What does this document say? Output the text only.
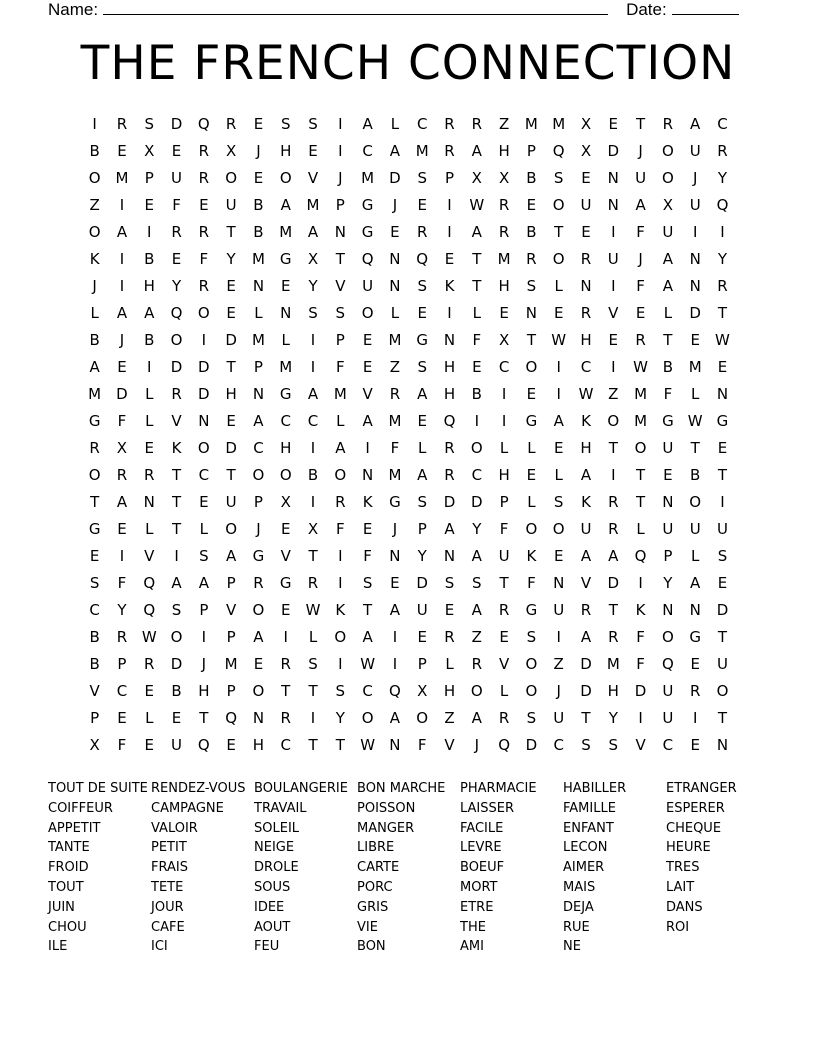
Name:	Date:
THE FRENCH CONNECTION
I	R	S	D	Q	R	E	S	S	I	A	L	C	R	R	Z	M M	X	E	T	R	A	C
B	E	X	E	R	X	J	H	E	I	C	A	M	R	A	H	P	Q	X	D	J	O	U	R
O M	P	U	R	O	E	O	V	J	M	D	S	P	X	X	B	S	E	N	U	O	J	Y
Z	I	E	F	E	U	B	A	M	P	G	J	E	I	W R	E	O	U	N	A	X	U	Q
O	A	I	R	R	T	B	M	A	N	G	E	R	I	A	R	B	T	E	I	F	U	I	I
K	I	B	E	F	Y	M	G	X	T	Q	N	Q	E	T	M	R	O	R	U	J	A	N	Y
J	I	H	Y	R	E	N	E	Y	V	U	N	S	K	T	H	S	L	N	I	F	A	N	R
L	A	A	Q	O	E	L	N	S	S	O	L	E	I	L	E	N	E	R	V	E	L	D	T
B	J	B	O	I	D	M	L	I	P	E	M	G	N	F	X	T	W H	E	R	T	E	W
A	E	I	D	D	T	P	M	I	F	E	Z	S	H	E	C	O	I	C	I	W B	M	E
M	D	L	R	D	H	N	G	A	M	V	R	A	H	B	I	E	I	W Z	M	F	L	N
G	F	L	V	N	E	A	C	C	L	A	M	E	Q	I	I	G	A	K	O M	G W G
R	X	E	K	O	D	C	H	I	A	I	F	L	R	O	L	L	E	H	T	O	U	T	E
O	R	R	T	C	T	O	O	B	O	N	M	A	R	C	H	E	L	A	I	T	E	B	T
T	A	N	T	E	U	P	X	I	R	K	G	S	D	D	P	L	S	K	R	T	N	O	I
G	E	L	T	L	O	J	E	X	F	E	J	P	A	Y	F	O	O	U	R	L	U	U	U
E	I	V	I	S	A	G	V	T	I	F	N	Y	N	A	U	K	E	A	A	Q	P	L	S
S	F	Q	A	A	P	R	G	R	I	S	E	D	S	S	T	F	N	V	D	I	Y	A	E
C	Y	Q	S	P	V	O	E	W K	T	A	U	E	A	R	G	U	R	T	K	N	N	D
B	R W O	I	P	A	I	L	O	A	I	E	R	Z	E	S	I	A	R	F	O	G	T
B	P	R	D	J	M	E	R	S	I	W	I	P	L	R	V	O	Z	D	M	F	Q	E	U
V	C	E	B	H	P	O	T	T	S	C	Q	X	H	O	L	O	J	D	H	D	U	R	O
P	E	L	E	T	Q	N	R	I	Y	O	A	O	Z	A	R	S	U	T	Y	I	U	I	T
X	F	E	U	Q	E	H	C	T	T	W N	F	V	J	Q	D	C	S	S	V	C	E	N
TOUT DE SUITE
COIFFEUR
APPETIT
TANTE
FROID
TOUT
JUIN
CHOU
ILE
RENDEZ-VOUS
CAMPAGNE
VALOIR
PETIT
FRAIS
TETE
JOUR
CAFE
ICI
BOULANGERIE
TRAVAIL
SOLEIL
NEIGE
DROLE
SOUS
IDEE
AOUT
FEU
BON MARCHE
POISSON
MANGER
LIBRE
CARTE
PORC
GRIS
VIE
BON
PHARMACIE
LAISSER
FACILE
LEVRE
BOEUF
MORT
ETRE
THE
AMI
HABILLER
FAMILLE
ENFANT
LECON
AIMER
MAIS
DEJA
RUE
NE
ETRANGER
ESPERER
CHEQUE
HEURE
TRES
LAIT
DANS
ROI
